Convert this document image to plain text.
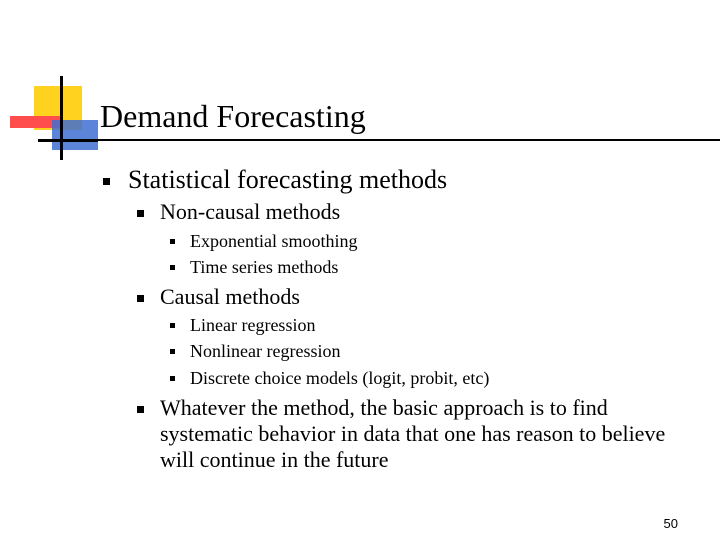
Demand Forecasting
Statistical forecasting methods
Non-causal methods
Exponential smoothing
Time series methods
Causal methods
Linear regression
Nonlinear regression
Discrete choice models (logit, probit, etc)
Whatever the method, the basic approach is to find systematic behavior in data that one has reason to believe will continue in the future
50
